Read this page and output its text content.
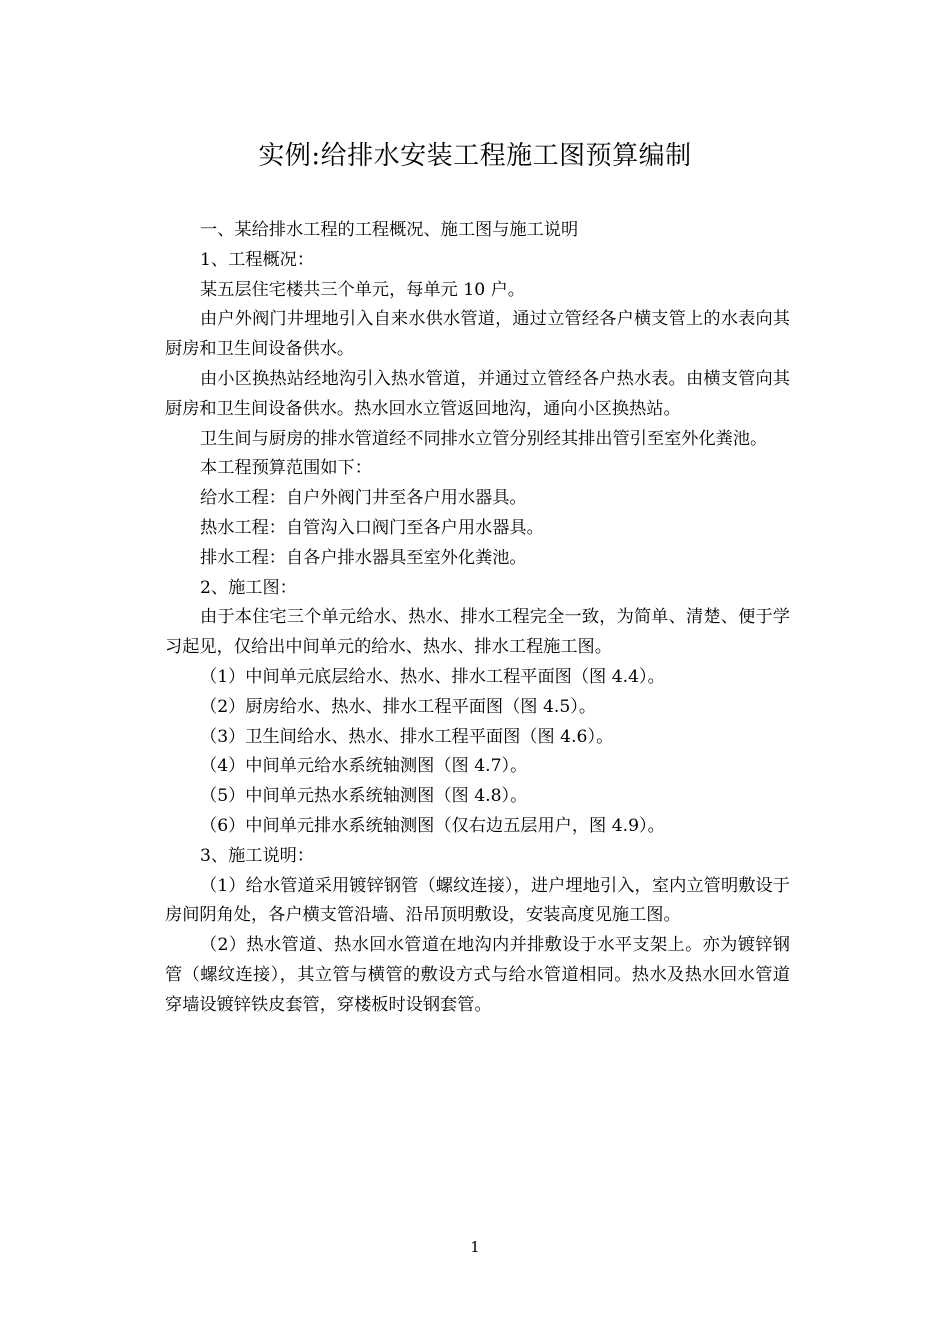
实例:给排水安装工程施工图预算编制

一、某给排水工程的工程概况、施工图与施工说明

1、工程概况：

某五层住宅楼共三个单元，每单元 10 户。

由户外阀门井埋地引入自来水供水管道，通过立管经各户横支管上的水表向其厨房和卫生间设备供水。

由小区换热站经地沟引入热水管道，并通过立管经各户热水表。由横支管向其厨房和卫生间设备供水。热水回水立管返回地沟，通向小区换热站。

卫生间与厨房的排水管道经不同排水立管分别经其排出管引至室外化粪池。

本工程预算范围如下：

给水工程：自户外阀门井至各户用水器具。

热水工程：自管沟入口阀门至各户用水器具。

排水工程：自各户排水器具至室外化粪池。

2、施工图：

由于本住宅三个单元给水、热水、排水工程完全一致，为简单、清楚、便于学习起见，仅给出中间单元的给水、热水、排水工程施工图。

（1）中间单元底层给水、热水、排水工程平面图（图 4.4）。

（2）厨房给水、热水、排水工程平面图（图 4.5）。

（3）卫生间给水、热水、排水工程平面图（图 4.6）。

（4）中间单元给水系统轴测图（图 4.7）。

（5）中间单元热水系统轴测图（图 4.8）。

（6）中间单元排水系统轴测图（仅右边五层用户，图 4.9）。

3、施工说明：

（1）给水管道采用镀锌钢管（螺纹连接），进户埋地引入，室内立管明敷设于房间阴角处，各户横支管沿墙、沿吊顶明敷设，安装高度见施工图。

（2）热水管道、热水回水管道在地沟内并排敷设于水平支架上。亦为镀锌钢管（螺纹连接），其立管与横管的敷设方式与给水管道相同。热水及热水回水管道穿墙设镀锌铁皮套管，穿楼板时设钢套管。

1
